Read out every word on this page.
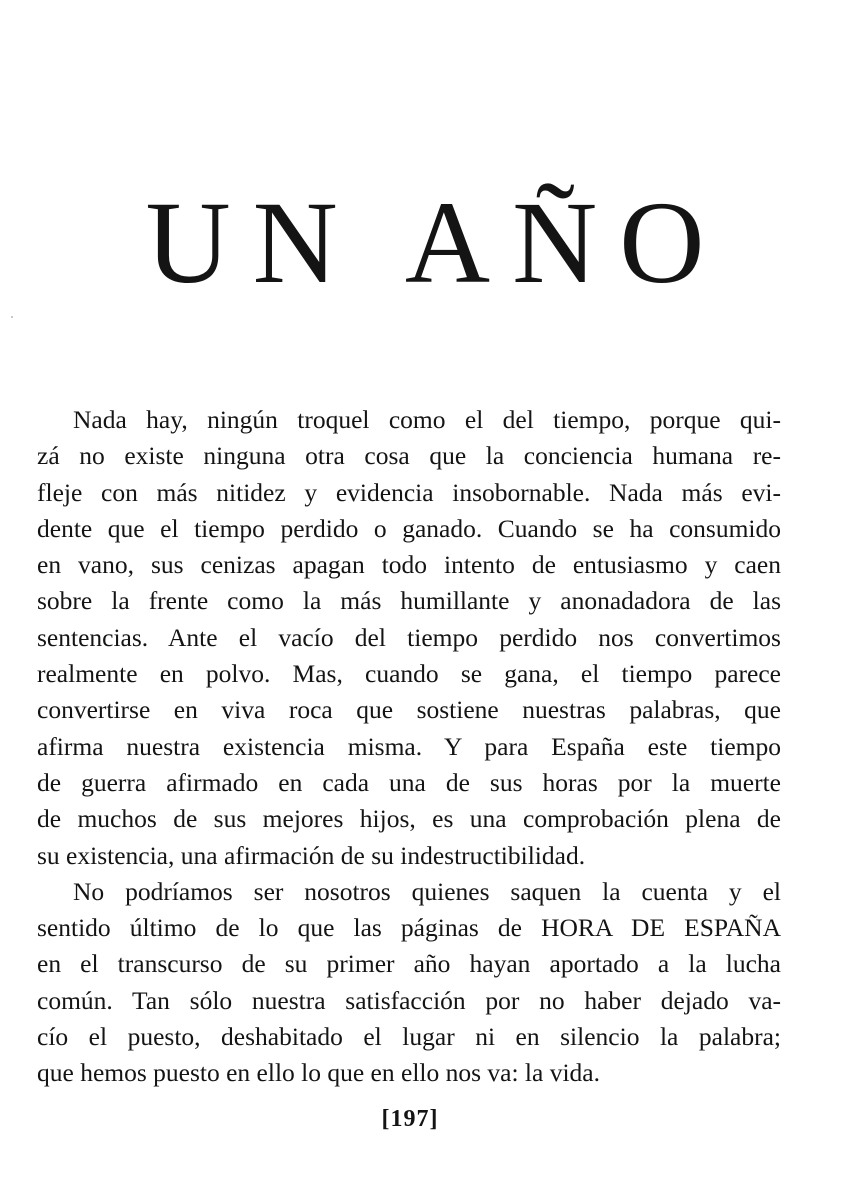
UN AÑO
Nada hay, ningún troquel como el del tiempo, porque qui-
zá no existe ninguna otra cosa que la conciencia humana re-
fleje con más nitidez y evidencia insobornable. Nada más evi-
dente que el tiempo perdido o ganado. Cuando se ha consumido
en vano, sus cenizas apagan todo intento de entusiasmo y caen
sobre la frente como la más humillante y anonadadora de las
sentencias. Ante el vacío del tiempo perdido nos convertimos
realmente en polvo. Mas, cuando se gana, el tiempo parece
convertirse en viva roca que sostiene nuestras palabras, que
afirma nuestra existencia misma. Y para España este tiempo
de guerra afirmado en cada una de sus horas por la muerte
de muchos de sus mejores hijos, es una comprobación plena de
su existencia, una afirmación de su indestructibilidad.
No podríamos ser nosotros quienes saquen la cuenta y el
sentido último de lo que las páginas de HORA DE ESPAÑA
en el transcurso de su primer año hayan aportado a la lucha
común. Tan sólo nuestra satisfacción por no haber dejado va-
cío el puesto, deshabitado el lugar ni en silencio la palabra;
que hemos puesto en ello lo que en ello nos va: la vida.
[197]
